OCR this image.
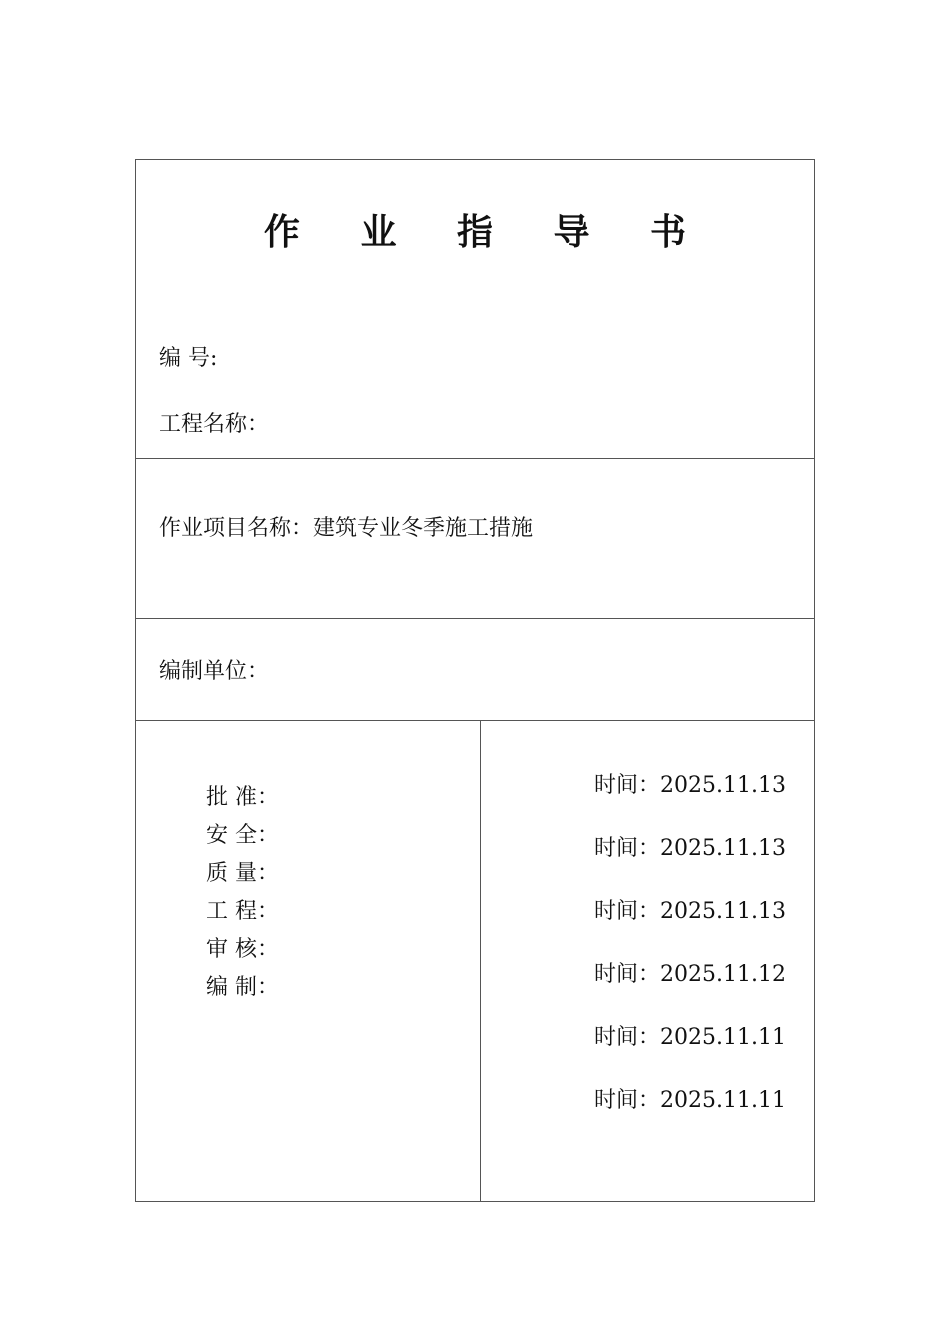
作 业 指 导 书
编 号:
工程名称：
作业项目名称：建筑专业冬季施工措施
编制单位：
批 准：
安 全：
质 量：
工 程：
审 核：
编 制：
时间：2025.11.13
时间：2025.11.13
时间：2025.11.13
时间：2025.11.12
时间：2025.11.11
时间：2025.11.11
